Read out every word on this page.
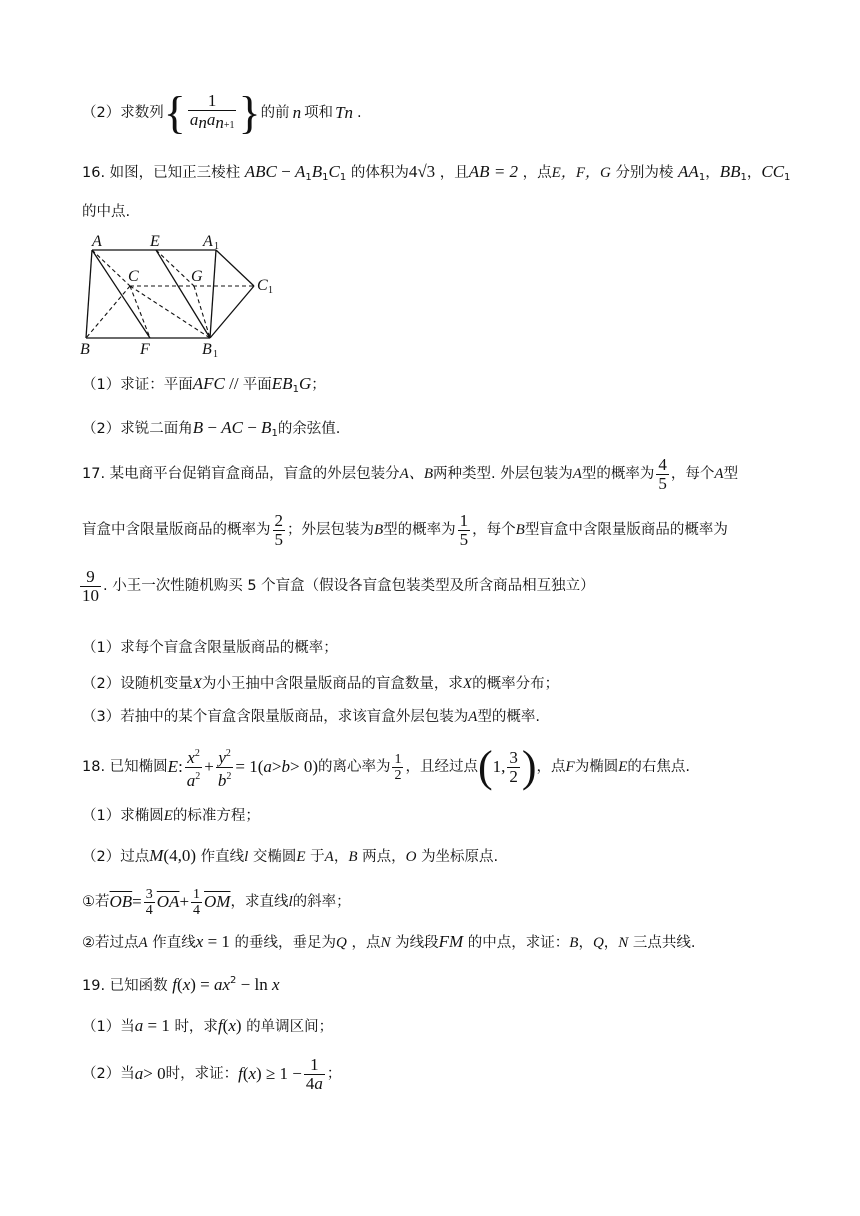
（2）求数列 { $\frac{1}{a_na_{n+1}}$ } 的前 n 项和 T n .
16. 如图，已知正三棱柱 ABC − $A_1B_1C_1$ 的体积为4√3 ，且AB = 2 ，点E，F，G 分别为棱 $AA_1$，$BB_1$，$CC_1$
的中点.
A	E	A 1
C	G
C 1
B	F	B 1
（1）求证：平面AFC // 平面$EB_1G$；
（2）求锐二面角B − AC − $B_1$的余弦值.
17. 某电商平台促销盲盒商品，盲盒的外层包装分 A、B 两种类型. 外层包装为 A 型的概率为 $\frac{4}{5}$ ，每个 A 型
盲盒中含限量版商品的概率为 $\frac{2}{5}$ ；外层包装为 B 型的概率为 $\frac{1}{5}$ ，每个 B 型盲盒中含限量版商品的概率为
$\frac{9}{10}$ . 小王一次性随机购买 5 个盲盒（假设各盲盒包装类型及所含商品相互独立）
（1）求每个盲盒含限量版商品的概率；
（2）设随机变量X为小王抽中含限量版商品的盲盒数量，求X的概率分布；
（3）若抽中的某个盲盒含限量版商品，求该盲盒外层包装为A型的概率.
18. 已知椭圆 E : $\frac{x^2}{a^2} + \frac{y^2}{b^2} = 1$( a > b > 0) 的离心率为 $\frac{1}{2}$ ，且经过点 ( 1, $\frac{3}{2}$ ) ，点 F 为椭圆 E 的右焦点.
（1）求椭圆E的标准方程；
（2）过点M(4,0) 作直线l 交椭圆E 于A，B 两点，O 为坐标原点.
①若 $\overline{OB} = \frac{3}{4} \overline{OA} + \frac{1}{4} \overline{OM}$ ，求直线 l 的斜率；
②若过点A 作直线x = 1 的垂线，垂足为Q ，点N 为线段FM 的中点，求证：B，Q，N 三点共线.
19. 已知函数 $f(x) = ax^2 - \ln x$
（1）当a = 1 时，求f(x) 的单调区间；
（2）当 a > 0 时，求证： f ( x ) ≥ $1 - \frac{1}{4a}$ ；
